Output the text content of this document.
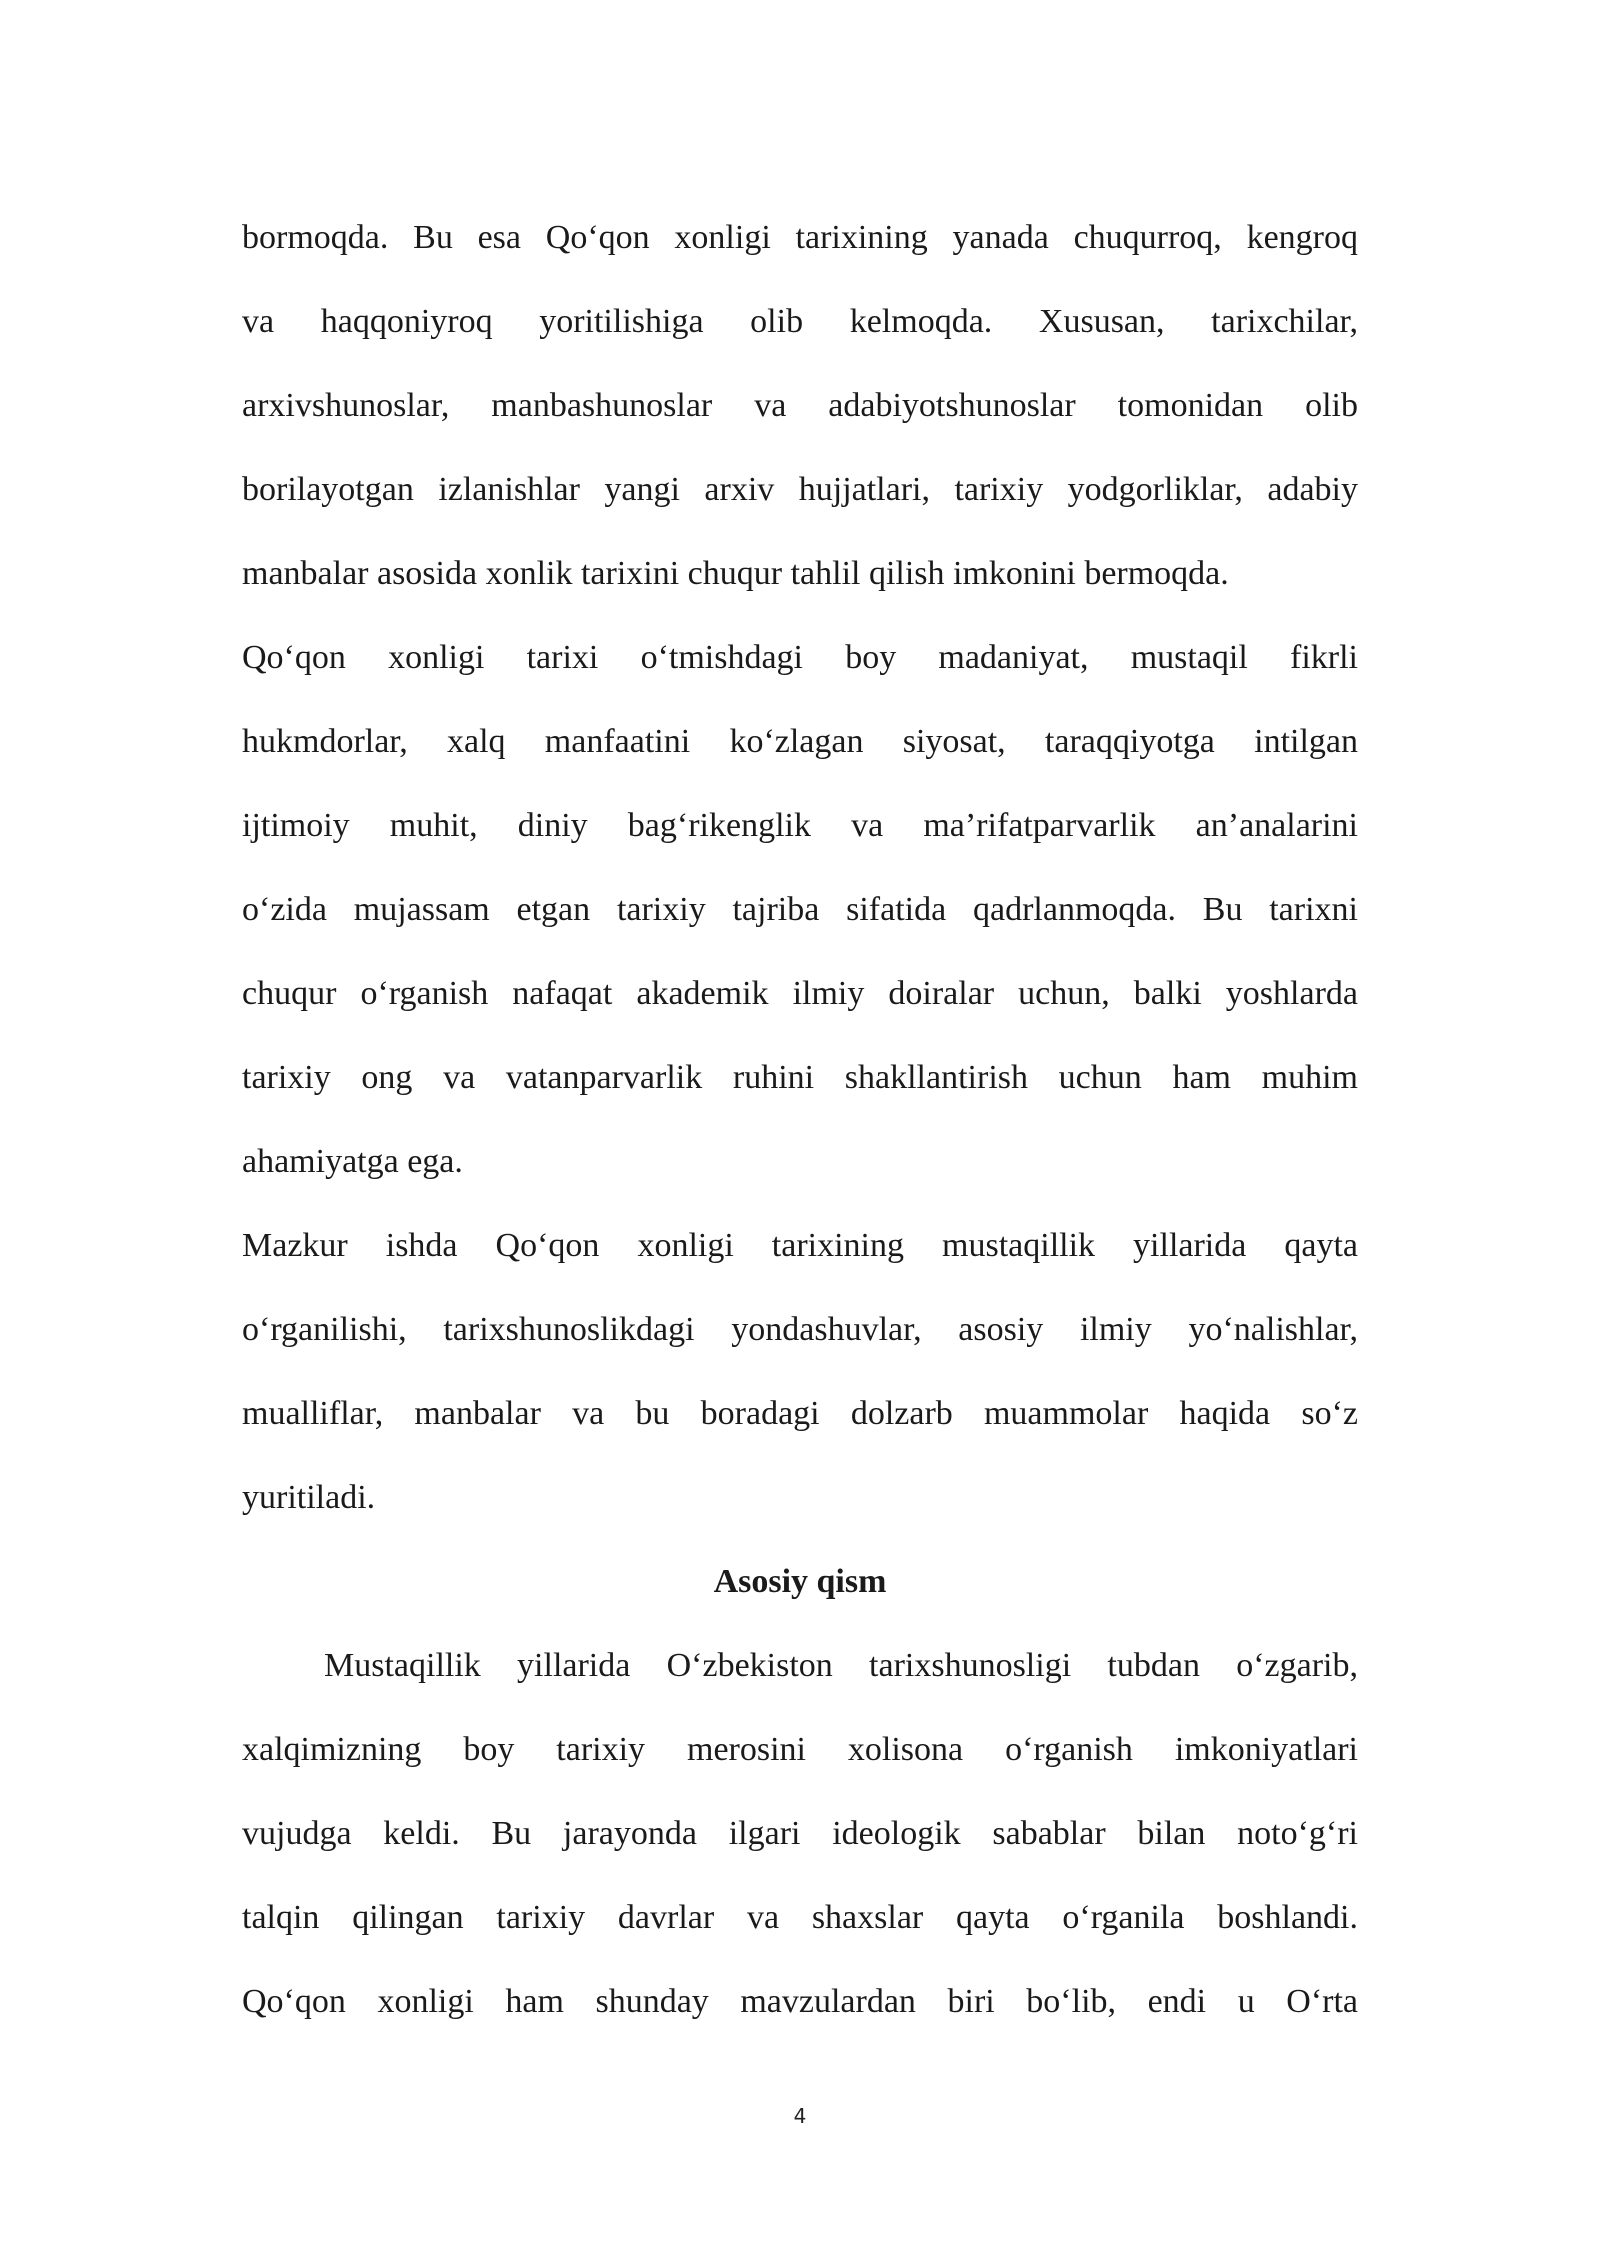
bormoqda. Bu esa Qo‘qon xonligi tarixining yanada chuqurroq, kengroq
va haqqoniyroq yoritilishiga olib kelmoqda. Xususan, tarixchilar,
arxivshunoslar, manbashunoslar va adabiyotshunoslar tomonidan olib
borilayotgan izlanishlar yangi arxiv hujjatlari, tarixiy yodgorliklar, adabiy
manbalar asosida xonlik tarixini chuqur tahlil qilish imkonini bermoqda.
Qo‘qon xonligi tarixi o‘tmishdagi boy madaniyat, mustaqil fikrli
hukmdorlar, xalq manfaatini ko‘zlagan siyosat, taraqqiyotga intilgan
ijtimoiy muhit, diniy bag‘rikenglik va ma’rifatparvarlik an’analarini
o‘zida mujassam etgan tarixiy tajriba sifatida qadrlanmoqda. Bu tarixni
chuqur o‘rganish nafaqat akademik ilmiy doiralar uchun, balki yoshlarda
tarixiy ong va vatanparvarlik ruhini shakllantirish uchun ham muhim
ahamiyatga ega.
Mazkur ishda Qo‘qon xonligi tarixining mustaqillik yillarida qayta
o‘rganilishi, tarixshunoslikdagi yondashuvlar, asosiy ilmiy yo‘nalishlar,
mualliflar, manbalar va bu boradagi dolzarb muammolar haqida so‘z
yuritiladi.
Asosiy qism
Mustaqillik yillarida O‘zbekiston tarixshunosligi tubdan o‘zgarib,
xalqimizning boy tarixiy merosini xolisona o‘rganish imkoniyatlari
vujudga keldi. Bu jarayonda ilgari ideologik sabablar bilan noto‘g‘ri
talqin qilingan tarixiy davrlar va shaxslar qayta o‘rganila boshlandi.
Qo‘qon xonligi ham shunday mavzulardan biri bo‘lib, endi u O‘rta
4
